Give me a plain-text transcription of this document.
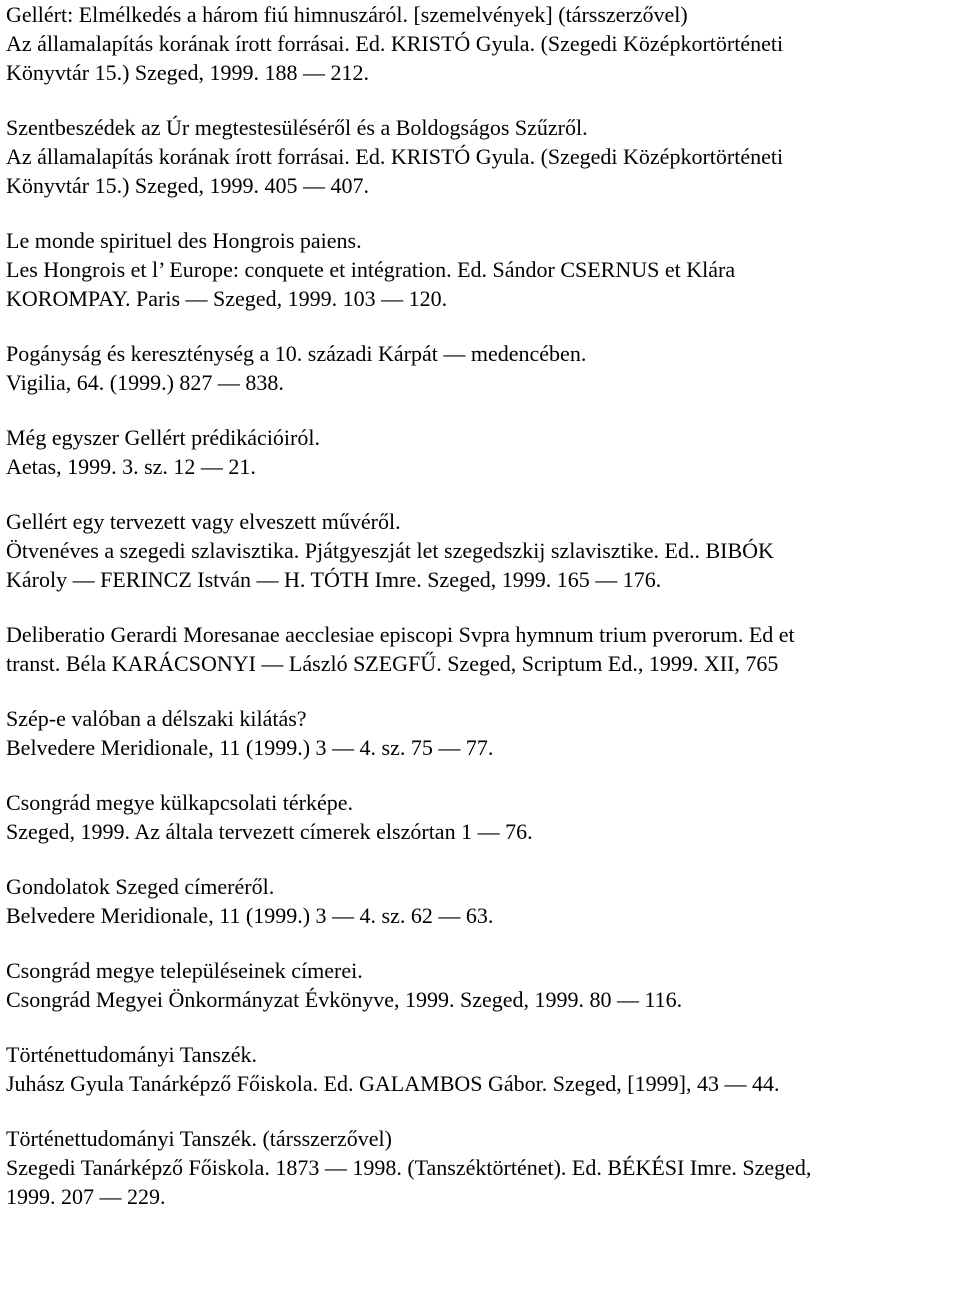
Gellért: Elmélkedés a három fiú himnuszáról. [szemelvények] (társszerzővel)
Az államalapítás korának írott forrásai. Ed. KRISTÓ Gyula. (Szegedi Középkortörténeti
Könyvtár 15.) Szeged, 1999. 188 — 212.
Szentbeszédek az Úr megtestesüléséről és a Boldogságos Szűzről.
Az államalapítás korának írott forrásai. Ed. KRISTÓ Gyula. (Szegedi Középkortörténeti
Könyvtár 15.) Szeged, 1999. 405 — 407.
Le monde spirituel des Hongrois paiens.
Les Hongrois et l’ Europe: conquete et intégration. Ed. Sándor CSERNUS et Klára
KOROMPAY. Paris — Szeged, 1999. 103 — 120.
Pogányság és kereszténység a 10. századi Kárpát — medencében.
Vigilia, 64. (1999.) 827 — 838.
Még egyszer Gellért prédikációiról.
Aetas, 1999. 3. sz. 12 — 21.
Gellért egy tervezett vagy elveszett művéről.
Ötvenéves a szegedi szlavisztika. Pjátgyeszját let szegedszkij szlavisztike. Ed.. BIBÓK
Károly — FERINCZ István — H. TÓTH Imre. Szeged, 1999. 165 — 176.
Deliberatio Gerardi Moresanae aecclesiae episcopi Svpra hymnum trium pverorum. Ed et
transt. Béla KARÁCSONYI — László SZEGFŰ. Szeged, Scriptum Ed., 1999. XII, 765
Szép-e valóban a délszaki kilátás?
Belvedere Meridionale, 11 (1999.) 3 — 4. sz. 75 — 77.
Csongrád megye külkapcsolati térképe.
Szeged, 1999. Az általa tervezett címerek elszórtan 1 — 76.
Gondolatok Szeged címeréről.
Belvedere Meridionale, 11 (1999.) 3 — 4. sz. 62 — 63.
Csongrád megye településeinek címerei.
Csongrád Megyei Önkormányzat Évkönyve, 1999. Szeged, 1999. 80 — 116.
Történettudományi Tanszék.
Juhász Gyula Tanárképző Főiskola. Ed. GALAMBOS Gábor. Szeged, [1999], 43 — 44.
Történettudományi Tanszék. (társszerzővel)
Szegedi Tanárképző Főiskola. 1873 — 1998. (Tanszéktörténet). Ed. BÉKÉSI Imre. Szeged,
1999. 207 — 229.
